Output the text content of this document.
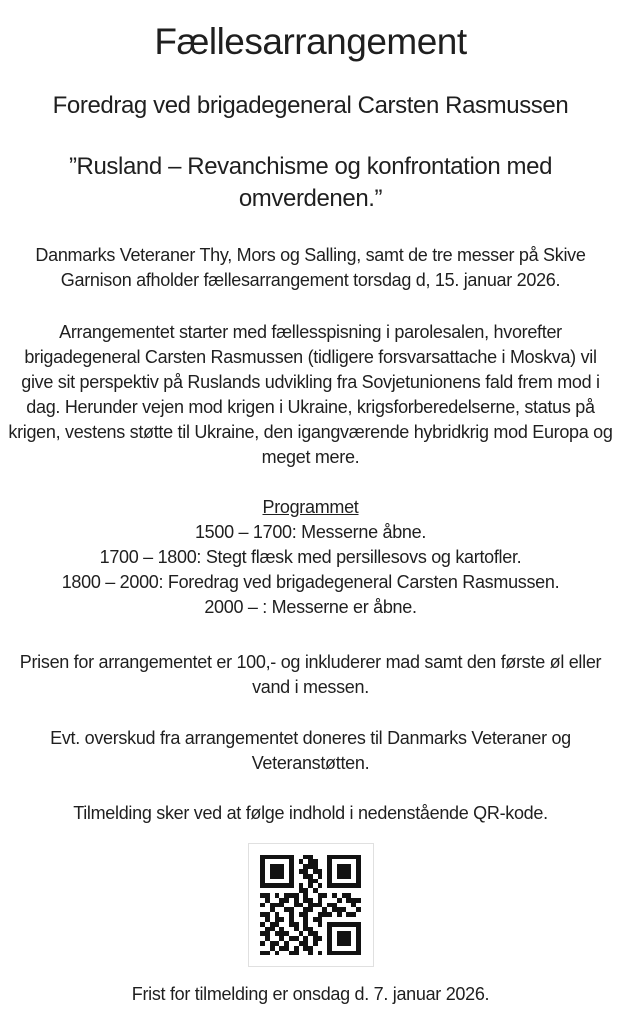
Fællesarrangement
Foredrag ved brigadegeneral Carsten Rasmussen
”Rusland – Revanchisme og konfrontation med omverdenen.”

Danmarks Veteraner Thy, Mors og Salling, samt de tre messer på Skive Garnison afholder fællesarrangement torsdag d, 15. januar 2026.

Arrangementet starter med fællesspisning i parolesalen, hvorefter brigadegeneral Carsten Rasmussen (tidligere forsvarsattache i Moskva) vil give sit perspektiv på Ruslands udvikling fra Sovjetunionens fald frem mod i dag. Herunder vejen mod krigen i Ukraine, krigsforberedelserne, status på krigen, vestens støtte til Ukraine, den igangværende hybridkrig mod Europa og meget mere.

Programmet
1500 – 1700: Messerne åbne.
1700 – 1800: Stegt flæsk med persillesovs og kartofler.
1800 – 2000: Foredrag ved brigadegeneral Carsten Rasmussen.
2000 – : Messerne er åbne.

Prisen for arrangementet er 100,- og inkluderer mad samt den første øl eller vand i messen.

Evt. overskud fra arrangementet doneres til Danmarks Veteraner og Veteranstøtten.

Tilmelding sker ved at følge indhold i nedenstående QR-kode.

Frist for tilmelding er onsdag d. 7. januar 2026.
